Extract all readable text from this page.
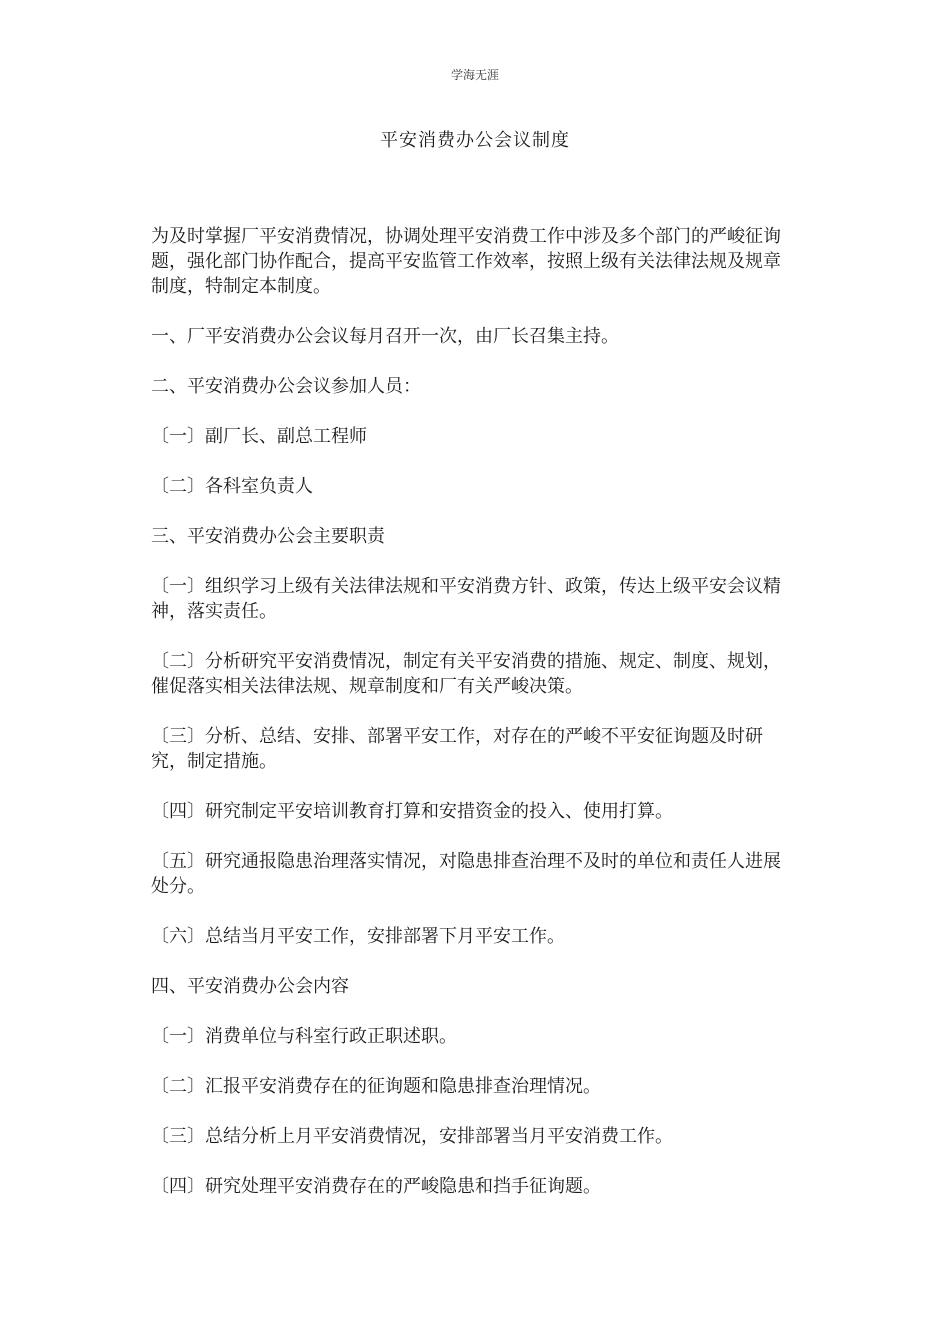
学海无涯
平安消费办公会议制度

为及时掌握厂平安消费情况，协调处理平安消费工作中涉及多个部门的严峻征询题，强化部门协作配合，提高平安监管工作效率，按照上级有关法律法规及规章制度，特制定本制度。

一、厂平安消费办公会议每月召开一次，由厂长召集主持。

二、平安消费办公会议参加人员：

〔一〕副厂长、副总工程师

〔二〕各科室负责人

三、平安消费办公会主要职责

〔一〕组织学习上级有关法律法规和平安消费方针、政策，传达上级平安会议精神，落实责任。

〔二〕分析研究平安消费情况，制定有关平安消费的措施、规定、制度、规划，催促落实相关法律法规、规章制度和厂有关严峻决策。

〔三〕分析、总结、安排、部署平安工作，对存在的严峻不平安征询题及时研究，制定措施。

〔四〕研究制定平安培训教育打算和安措资金的投入、使用打算。

〔五〕研究通报隐患治理落实情况，对隐患排查治理不及时的单位和责任人进展处分。

〔六〕总结当月平安工作，安排部署下月平安工作。

四、平安消费办公会内容

〔一〕消费单位与科室行政正职述职。

〔二〕汇报平安消费存在的征询题和隐患排查治理情况。

〔三〕总结分析上月平安消费情况，安排部署当月平安消费工作。

〔四〕研究处理平安消费存在的严峻隐患和挡手征询题。
